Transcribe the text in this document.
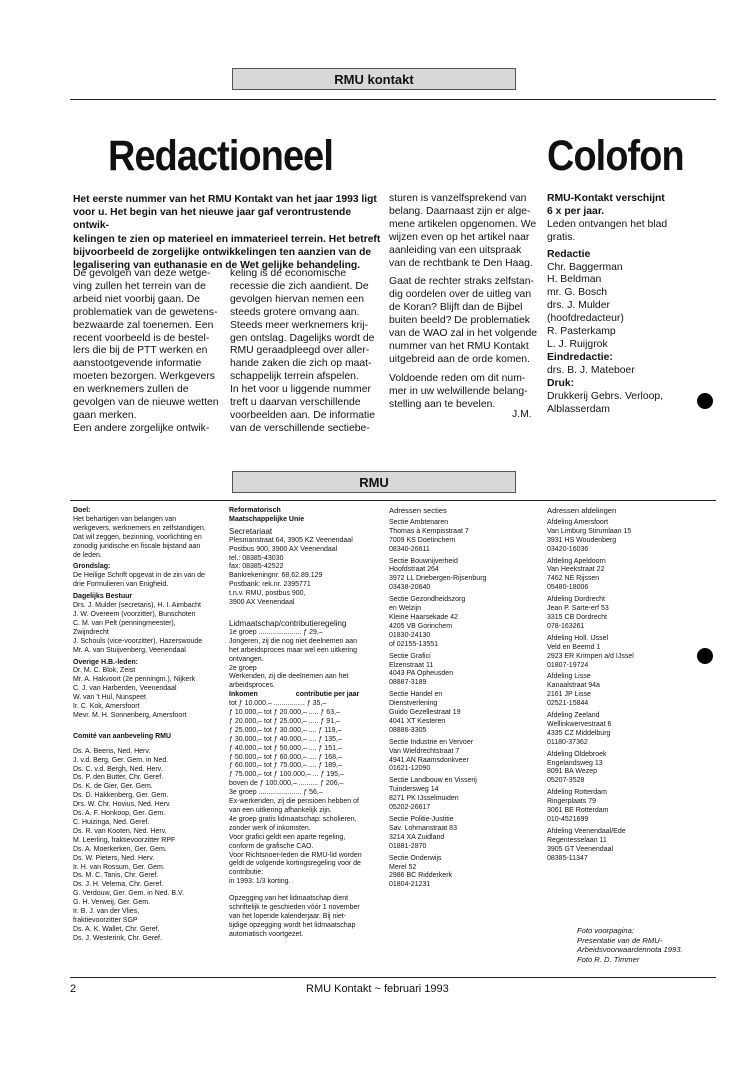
RMU kontakt
Redactioneel	Colofon
Het eerste nummer van het RMU Kontakt van het jaar 1993 ligt
voor u. Het begin van het nieuwe jaar gaf verontrustende ontwik-
kelingen te zien op materieel en immaterieel terrein. Het betreft
bijvoorbeeld de zorgelijke ontwikkelingen ten aanzien van de
legalisering van euthanasie en de Wet gelijke behandeling.
De gevolgen van deze wetge-
ving zullen het terrein van de
arbeid niet voorbij gaan. De
problematiek van de gewetens-
bezwaarde zal toenemen. Een
recent voorbeeld is de bestel-
lers die bij de PTT werken en
aanstootgevende informatie
moeten bezorgen. Werkgevers
en werknemers zullen de
gevolgen van de nieuwe wetten
gaan merken.
Een andere zorgelijke ontwik-
keling is de economische
recessie die zich aandient. De
gevolgen hiervan nemen een
steeds grotere omvang aan.
Steeds meer werknemers krij-
gen ontslag. Dagelijks wordt de
RMU geraadpleegd over aller-
hande zaken die zich op maat-
schappelijk terrein afspelen.
In het voor u liggende nummer
treft u daarvan verschillende
voorbeelden aan. De informatie
van de verschillende sectiebe-
sturen is vanzelfsprekend van
belang. Daarnaast zijn er alge-
mene artikelen opgenomen. We
wijzen even op het artikel naar
aanleiding van een uitspraak
van de rechtbank te Den Haag.
Gaat de rechter straks zelfstan-
dig oordelen over de uitleg van
de Koran? Blijft dan de Bijbel
buiten beeld? De problematiek
van de WAO zal in het volgende
nummer van het RMU Kontakt
uitgebreid aan de orde komen.
Voldoende reden om dit num-
mer in uw welwillende belang-
stelling aan te bevelen.
J.M.
RMU-Kontakt verschijnt
6 x per jaar.
Leden ontvangen het blad
gratis.
Redactie
Chr. Baggerman
H. Beldman
mr. G. Bosch
drs. J. Mulder
(hoofdredacteur)
R. Pasterkamp
L. J. Ruijgrok
Eindredactie:
drs. B. J. Mateboer
Druk:
Drukkerij Gebrs. Verloop,
Alblasserdam
RMU
Doel:
Het behartigen van belangen van
werkgevers, werknemers en zelfstandigen.
Dat wil zeggen, bezinning, voorlichting en
zonodig juridische en fiscale bijstand aan
de leden.
Grondslag:
De Heilige Schrift opgevat in de zin van de
drie Formulieren van Enigheid.
Dagelijks Bestuur
Drs. J. Mulder (secretaris), H. I. Aimbacht
J. W. Overeem (voorzitter), Bunschoten
C. M. van Pelt (penningmeester),
Zwijndrecht
J. Schouls (vice-voorzitter), Hazerswoude
Mr. A. van Stuijvenberg, Veenendaal
Overige H.B.-leden:
Dr. M. C. Blok, Zeist
Mr. A. Hakvoort (2e penningm.), Nijkerk
C. J. van Harberden, Veenendaal
W. van 't Hul, Nunspeet
Ir. C. Kok, Amersfoort
Mevr. M. H. Sonnenberg, Amersfoort
Comité van aanbeveling RMU
Ds. A. Beens, Ned. Herv.
J. v.d. Berg, Ger. Gem. in Ned.
Ds. C. v.d. Bergh, Ned. Herv.
Ds. P. den Butter, Chr. Geref.
Ds. K. de Gier, Ger. Gem.
Ds. D. Hakkenberg, Ger. Gem.
Drs. W. Chr. Hovius, Ned. Herv.
Ds. A. F. Honkoop, Ger. Gem.
C. Huizinga, Ned. Geref.
Ds. R. van Kooten, Ned. Herv.
M. Leerling, fraktievoorzitter RPF
Ds. A. Moerkerken, Ger. Gem.
Ds. W. Pieters, Ned. Herv.
Ir. H. van Rossum, Ger. Gem.
Ds. M. C. Tanis, Chr. Geref.
Ds. J. H. Velema, Chr. Geref.
G. Verdouw, Ger. Gem. in Ned. B.V.
G. H. Verweij, Ger. Gem.
Ir. B. J. van der Vlies,
fraktievoorzitter SGP
Ds. A. K. Wallet, Chr. Geref.
Ds. J. Westerink, Chr. Geref.
Reformatorisch
Maatschappelijke Unie
Secretariaat
Plesmanstraat 64, 3905 KZ Veenendaal
Postbus 900, 3900 AX Veenendaal
tel.: 08385-43030
fax: 08385-42522
Bankrekeningnr. 68.62.89.129
Postbank: rek.nr. 2395771
t.n.v. RMU, postbus 900,
3900 AX Veenendaal
Lidmaatschap/contributieregeling
1e groep ...................... ƒ 29,–
Jongeren, zij die nog niet deelnemen aan
het arbeidsproces maar wel een uitkering
ontvangen.
2e groep
Werkenden, zij die deelnemen aan het
arbeidsproces.
Inkomen	contributie per jaar
tot ƒ 10.000,– ................ ƒ 35,–
ƒ 10.000,– tot ƒ 20.000,– ..... ƒ 63,–
ƒ 20.000,– tot ƒ 25.000,– ..... ƒ 91,–
ƒ 25.000,– tot ƒ 30.000,– .... ƒ 119,–
ƒ 30.000,– tot ƒ 40.000,– .... ƒ 135,–
ƒ 40.000,– tot ƒ 50.000,– .... ƒ 151,–
ƒ 50.000,– tot ƒ 60.000,– .... ƒ 168,–
ƒ 60.000,– tot ƒ 75.000,– .... ƒ 189,–
ƒ 75.000,– tot ƒ 100.000,– ... ƒ 195,–
boven de ƒ 100.000,– .......... ƒ 206,–
3e groep ...................... ƒ 56,–
Ex-werkenden, zij die pensioen hebben of
van een uitkering afhankelijk zijn.
4e groep gratis lidmaatschap: scholieren,
zonder werk of inkomsten.
Voor grafici geldt een aparte regeling,
conform de grafische CAO.
Voor Richtsnoer-leden die RMU-lid worden
geldt de volgende kortingsregeling voor de
contributie:
in 1993: 1/3 korting.
Opzegging van het lidmaatschap dient
schriftelijk te geschieden vóór 1 november
van het lopende kalenderjaar. Bij niet-
tijdige opzegging wordt het lidmaatschap
automatisch voortgezet.
Adressen secties
Sectie Ambtenaren
Thomas à Kempisstraat 7
7009 KS Doetinchem
08340-26611
Sectie Bouwnijverheid
Hoofdstraat 264
3972 LL Driebergen-Rijsenburg
03438-20640
Sectie Gezondheidszorg
en Welzijn
Kleine Haarsekade 42
4205 VB Gorinchem
01830-24130
of 02155-13551
Sectie Grafici
Elzenstraat 11
4043 PA Opheusden
08887-3189
Sectie Handel en
Dienstverlening
Guido Gezellestraat 19
4041 XT Kesteren
08886-3305
Sectie Industrie en Vervoer
Van Wieldrechtstraat 7
4941 AN Raamsdonkveer
01621-12090
Sectie Landbouw en Visserij
Tuindersweg 14
8271 PK IJsselmuiden
05202-26617
Sectie Politie-Justitie
Sav. Lohmanstraat 83
3214 XA Zuidland
01881-2870
Sectie Onderwijs
Merel 52
2986 BC Ridderkerk
01804-21231
Adressen afdelingen
Afdeling Amersfoort
Van Limburg Stirumlaan 15
3931 HS Woudenberg
03420-16036
Afdeling Apeldoorn
Van Heekstraat 22
7462 NE Rijssen
05480-18006
Afdeling Dordrecht
Jean P. Sarte-erf 53
3315 CB Dordrecht
078-163261
Afdeling Holl. IJssel
Veld en Beemd 1
2923 ER Krimpen a/d IJssel
01807-19724
Afdeling Lisse
Kanaalstraat 94a
2161 JP Lisse
02521-15844
Afdeling Zeeland
Wellinkwervestraat 6
4335 CZ Middelburg
01180-37362
Afdeling Oldebroek
Engelandsweg 13
8091 BA Wezep
05207-3528
Afdeling Rotterdam
Ringerplaats 79
3061 BE Rotterdam
010-4521699
Afdeling Veenendaal/Ede
Regentesselaan 11
3905 GT Veenendaal
08385-11347
Foto voorpagina:
Presentatie van de RMU-
Arbeidsvoorwaardennota 1993.
Foto R. D. Timmer
2	RMU Kontakt ~ februari 1993
